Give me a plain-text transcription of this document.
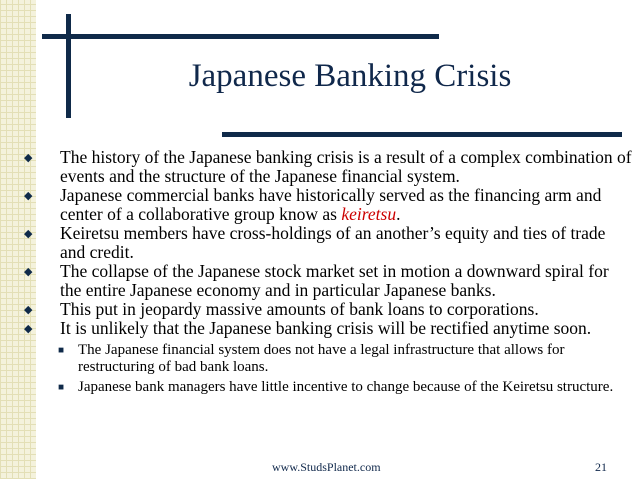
Japanese Banking Crisis
◆ The history of the Japanese banking crisis is a result of a complex combination of events and the structure of the Japanese financial system.
◆ Japanese commercial banks have historically served as the financing arm and center of a collaborative group know as keiretsu.
◆ Keiretsu members have cross-holdings of an another’s equity and ties of trade and credit.
◆ The collapse of the Japanese stock market set in motion a downward spiral for the entire Japanese economy and in particular Japanese banks.
◆ This put in jeopardy massive amounts of bank loans to corporations.
◆ It is unlikely that the Japanese banking crisis will be rectified anytime soon.
■ The Japanese financial system does not have a legal infrastructure that allows for restructuring of bad bank loans.
■ Japanese bank managers have little incentive to change because of the Keiretsu structure.
www.StudsPlanet.com	21
